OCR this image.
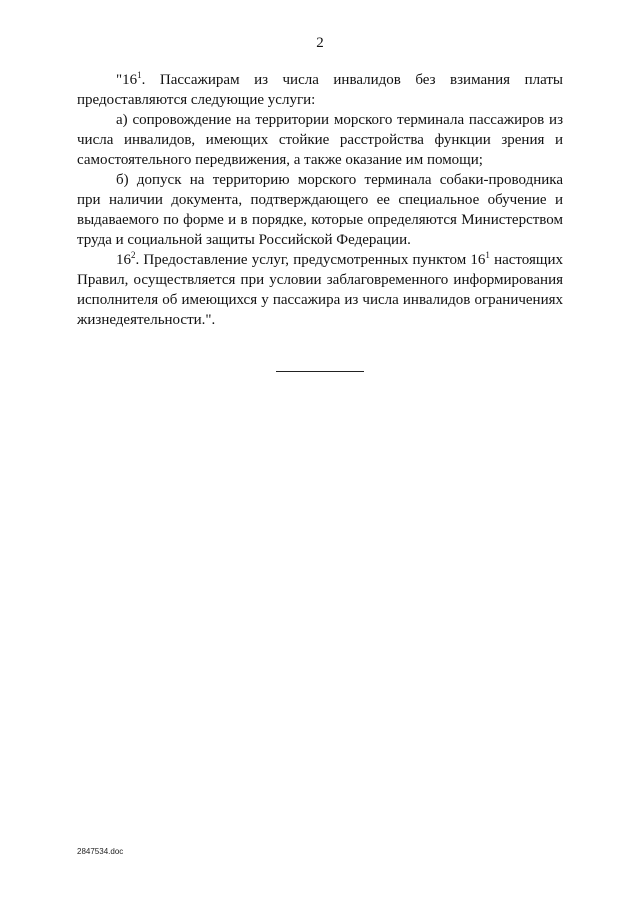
2

"$16^1$. Пассажирам из числа инвалидов без взимания платы предоставляются следующие услуги:

а) сопровождение на территории морского терминала пассажиров из числа инвалидов, имеющих стойкие расстройства функции зрения и самостоятельного передвижения, а также оказание им помощи;

б) допуск на территорию морского терминала собаки-проводника при наличии документа, подтверждающего ее специальное обучение и выдаваемого по форме и в порядке, которые определяются Министерством труда и социальной защиты Российской Федерации.

$16^2$. Предоставление услуг, предусмотренных пунктом $16^1$ настоящих Правил, осуществляется при условии заблаговременного информирования исполнителя об имеющихся у пассажира из числа инвалидов ограничениях жизнедеятельности.".

2847534.doc
